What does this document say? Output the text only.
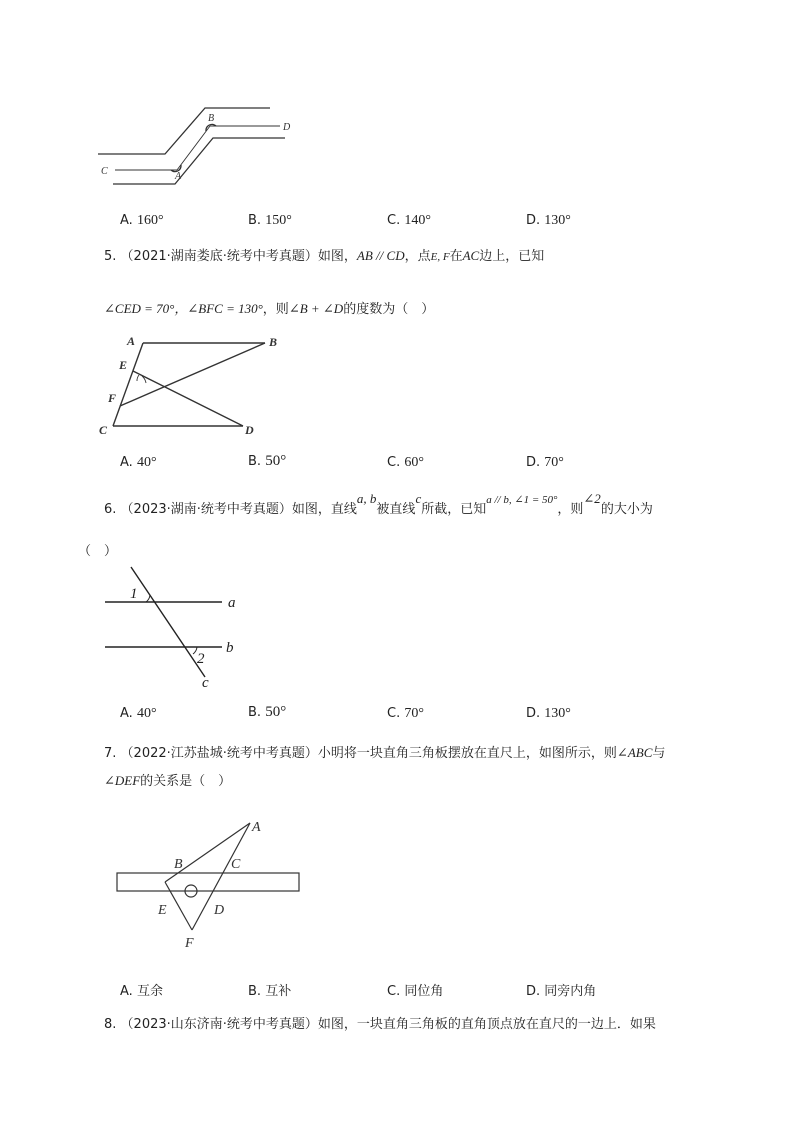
B
D
C	A
A. 160°	B. 150°	C. 140°	D. 130°
5. （2021·湖南娄底·统考中考真题）如图，AB // CD，点E, F在AC边上，已知
∠CED = 70°，∠BFC = 130°，则∠B + ∠D的度数为（　）
A	B
E
F
C	D
A. 40°	B. 50°	C. 60°	D. 70°
6. （2023·湖南·统考中考真题）如图，直线a, b被直线c所截，已知$^{a // b, \angle 1 = 50^\circ}$，则∠2的大小为
（　）
1
a
2
b
c
A. 40°	B. 50°	C. 70°	D. 130°
7. （2022·江苏盐城·统考中考真题）小明将一块直角三角板摆放在直尺上，如图所示，则∠ABC与
∠DEF的关系是（　）
A
B	C
E	D
F
A. 互余	B. 互补	C. 同位角	D. 同旁内角
8. （2023·山东济南·统考中考真题）如图，一块直角三角板的直角顶点放在直尺的一边上．如果
